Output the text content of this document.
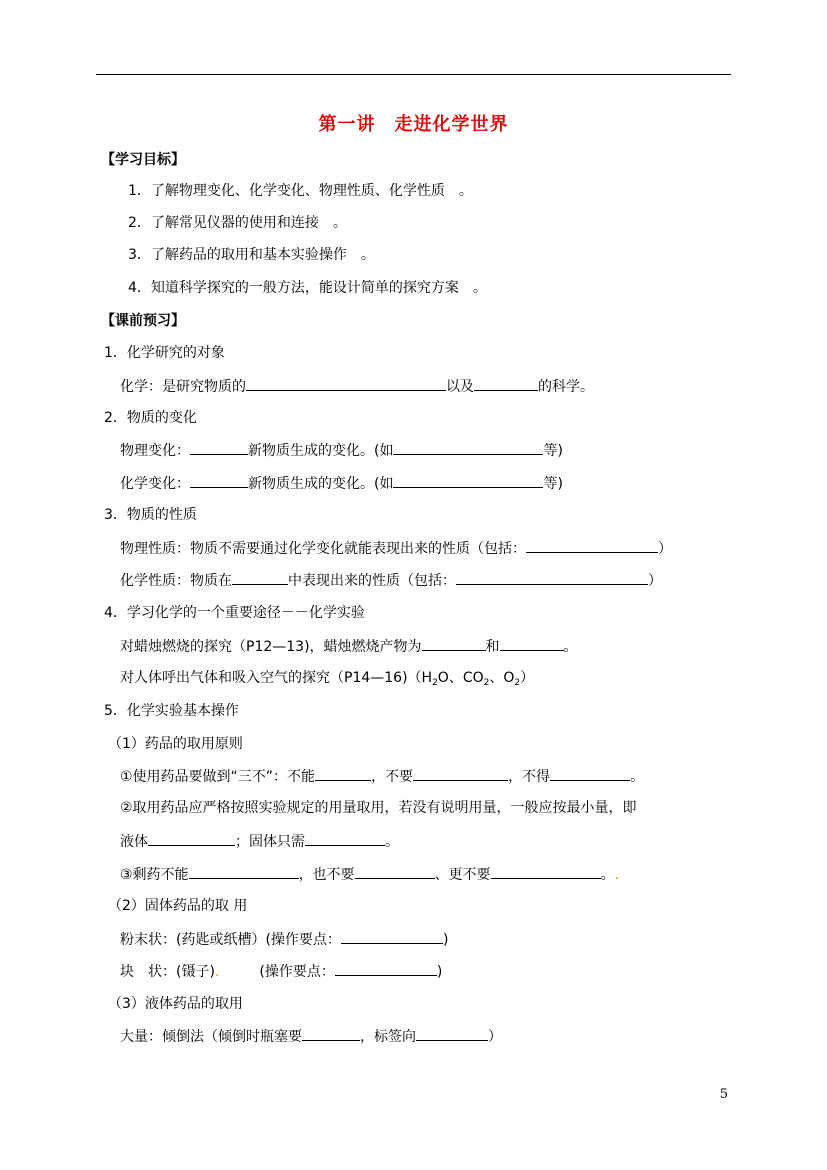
第一讲　走进化学世界
【学习目标】
1．了解物理变化、化学变化、物理性质、化学性质　。
2．了解常见仪器的使用和连接　。
3．了解药品的取用和基本实验操作　。
4．知道科学探究的一般方法，能设计简单的探究方案　。
【课前预习】
1．化学研究的对象
化学：是研究物质的	以及	的科学。
2．物质的变化
物理变化：	新物质生成的变化。(如	等)
化学变化：	新物质生成的变化。(如	等)
3．物质的性质
物理性质：物质不需要通过化学变化就能表现出来的性质（包括：	）
化学性质：物质在	中表现出来的性质（包括：	）
4．学习化学的一个重要途径－－化学实验
对蜡烛燃烧的探究（P12—13)，蜡烛燃烧产物为	和	。
对人体呼出气体和吸入空气的探究$(P14—16)(H_2O$、$CO_2$、$O_2$）
5．化学实验基本操作
（1）药品的取用原则
①使用药品要做到“三不”：不能	，不要	，不得	。
②取用药品应严格按照实验规定的用量取用，若没有说明用量，一般应按最小量，即
液体	；固体只需	。
③剩药不能	，也不要	、更不要	。.
（2）固体药品的取 用
粉末状：(药匙或纸槽）(操作要点：	)
块　状：(镊子).	(操作要点：	)
（3）液体药品的取用
大量：倾倒法（倾倒时瓶塞要	，标签向	）
5
